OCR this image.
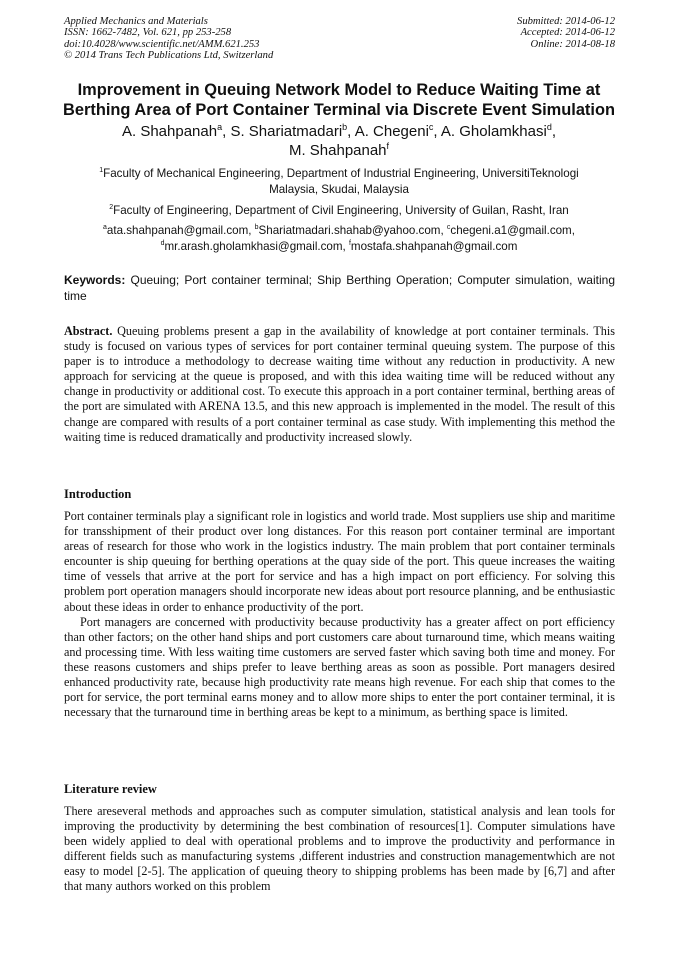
Applied Mechanics and Materials
ISSN: 1662-7482, Vol. 621, pp 253-258
doi:10.4028/www.scientific.net/AMM.621.253
© 2014 Trans Tech Publications Ltd, Switzerland
Submitted: 2014-06-12
Accepted: 2014-06-12
Online: 2014-08-18
Improvement in Queuing Network Model to Reduce Waiting Time at
Berthing Area of Port Container Terminal via Discrete Event Simulation
A. Shahpanah$^a$, S. Shariatmadari$^b$, A. Chegeni$^c$, A. Gholamkhasi$^d$,
M. Shahpanah$^f$
$^1$Faculty of Mechanical Engineering, Department of Industrial Engineering, UniversitiTeknologi
Malaysia, Skudai, Malaysia
$^2$Faculty of Engineering, Department of Civil Engineering, University of Guilan, Rasht, Iran
$^a$ata.shahpanah@gmail.com, $^b$Shariatmadari.shahab@yahoo.com, $^c$chegeni.a1@gmail.com,
$^d$mr.arash.gholamkhasi@gmail.com, $^f$mostafa.shahpanah@gmail.com
Keywords: Queuing; Port container terminal; Ship Berthing Operation; Computer simulation, waiting time

Abstract. Queuing problems present a gap in the availability of knowledge at port container terminals. This study is focused on various types of services for port container terminal queuing system. The purpose of this paper is to introduce a methodology to decrease waiting time without any reduction in productivity. A new approach for servicing at the queue is proposed, and with this idea waiting time will be reduced without any change in productivity or additional cost. To execute this approach in a port container terminal, berthing areas of the port are simulated with ARENA 13.5, and this new approach is implemented in the model. The result of this change are compared with results of a port container terminal as case study. With implementing this method the waiting time is reduced dramatically and productivity increased slowly.

Introduction

Port container terminals play a significant role in logistics and world trade. Most suppliers use ship and maritime for transshipment of their product over long distances. For this reason port container terminal are important areas of research for those who work in the logistics industry. The main problem that port container terminals encounter is ship queuing for berthing operations at the quay side of the port. This queue increases the waiting time of vessels that arrive at the port for service and has a high impact on port efficiency. For solving this problem port operation managers should incorporate new ideas about port resource planning, and be enthusiastic about these ideas in order to enhance productivity of the port.

Port managers are concerned with productivity because productivity has a greater affect on port efficiency than other factors; on the other hand ships and port customers care about turnaround time, which means waiting and processing time. With less waiting time customers are served faster which saving both time and money. For these reasons customers and ships prefer to leave berthing areas as soon as possible. Port managers desired enhanced productivity rate, because high productivity rate means high revenue. For each ship that comes to the port for service, the port terminal earns money and to allow more ships to enter the port container terminal, it is necessary that the turnaround time in berthing areas be kept to a minimum, as berthing space is limited.

Literature review

There areseveral methods and approaches such as computer simulation, statistical analysis and lean tools for improving the productivity by determining the best combination of resources[1]. Computer simulations have been widely applied to deal with operational problems and to improve the productivity and performance in different fields such as manufacturing systems ,different industries and construction managementwhich are not easy to model [2-5]. The application of queuing theory to shipping problems has been made by [6,7] and after that many authors worked on this problem
